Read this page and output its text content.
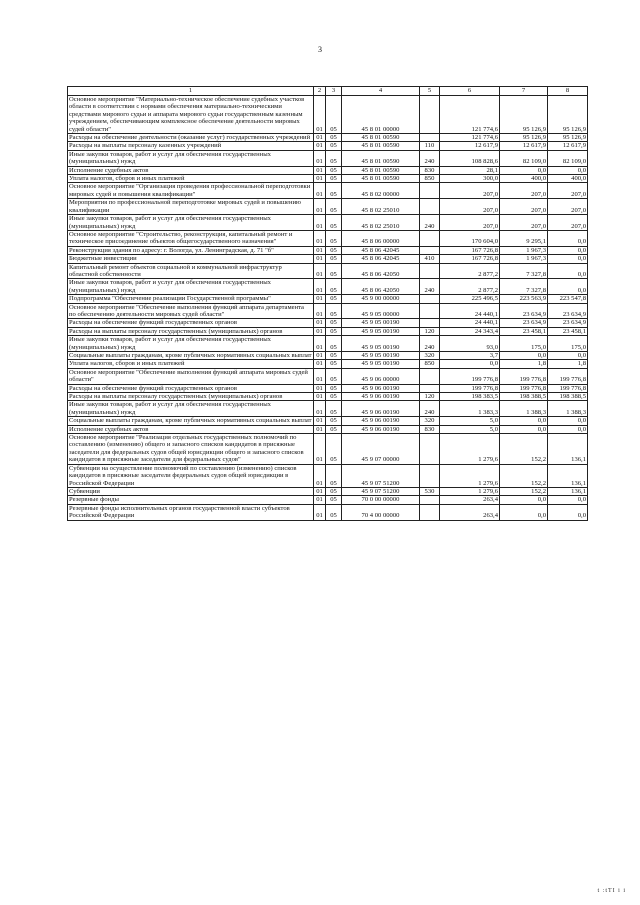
3
1	2	3	4	5	6	7	8
Основное мероприятие "Материально-техническое обеспечение судебных участков области в соответствии с нормами обеспечения материально-техническими средствами мирового судьи и аппарата мирового судьи государственным казенным учреждением, обеспечивающим комплексное обеспечение деятельности мировых судей области"	01	05	45 8 01 00000		121 774,6	95 126,9	95 126,9
Расходы на обеспечение деятельности (оказание услуг) государственных учреждений	01	05	45 8 01 00590		121 774,6	95 126,9	95 126,9
Расходы на выплаты персоналу казенных учреждений	01	05	45 8 01 00590	110	12 617,9	12 617,9	12 617,9
Иные закупки товаров, работ и услуг для обеспечения государственных (муниципальных) нужд	01	05	45 8 01 00590	240	108 828,6	82 109,0	82 109,0
Исполнение судебных актов	01	05	45 8 01 00590	830	28,1	0,0	0,0
Уплата налогов, сборов и иных платежей	01	05	45 8 01 00590	850	300,0	400,0	400,0
Основное мероприятие "Организация проведения профессиональной переподготовки мировых судей и повышения квалификации"	01	05	45 8 02 00000		207,0	207,0	207,0
Мероприятия по профессиональной переподготовке мировых судей и повышению квалификации	01	05	45 8 02 25010		207,0	207,0	207,0
Иные закупки товаров, работ и услуг для обеспечения государственных (муниципальных) нужд	01	05	45 8 02 25010	240	207,0	207,0	207,0
Основное мероприятие "Строительство, реконструкция, капитальный ремонт и техническое присоединение объектов общегосударственного назначения"	01	05	45 8 06 00000		170 604,0	9 295,1	0,0
Реконструкция здания по адресу: г. Вологда, ул. Ленинградская, д. 71 "б"	01	05	45 8 06 42045		167 726,8	1 967,3	0,0
Бюджетные инвестиции	01	05	45 8 06 42045	410	167 726,8	1 967,3	0,0
Капитальный ремонт объектов социальной и коммунальной инфраструктур областной собственности	01	05	45 8 06 42050		2 877,2	7 327,8	0,0
Иные закупки товаров, работ и услуг для обеспечения государственных (муниципальных) нужд	01	05	45 8 06 42050	240	2 877,2	7 327,8	0,0
Подпрограмма "Обеспечение реализации Государственной программы"	01	05	45 9 00 00000		225 496,5	223 563,9	223 547,8
Основное мероприятие "Обеспечение выполнения функций аппарата департамента по обеспечению деятельности мировых судей области"	01	05	45 9 05 00000		24 440,1	23 634,9	23 634,9
Расходы на обеспечение функций государственных органов	01	05	45 9 05 00190		24 440,1	23 634,9	23 634,9
Расходы на выплаты персоналу государственных (муниципальных) органов	01	05	45 9 05 00190	120	24 343,4	23 458,1	23 458,1
Иные закупки товаров, работ и услуг для обеспечения государственных (муниципальных) нужд	01	05	45 9 05 00190	240	93,0	175,0	175,0
Социальные выплаты гражданам, кроме публичных нормативных социальных выплат	01	05	45 9 05 00190	320	3,7	0,0	0,0
Уплата налогов, сборов и иных платежей	01	05	45 9 05 00190	850	0,0	1,8	1,8
Основное мероприятие "Обеспечение выполнения функций аппарата мировых судей области"	01	05	45 9 06 00000		199 776,8	199 776,8	199 776,8
Расходы на обеспечение функций государственных органов	01	05	45 9 06 00190		199 776,8	199 776,8	199 776,8
Расходы на выплаты персоналу государственных (муниципальных) органов	01	05	45 9 06 00190	120	198 383,5	198 388,5	198 388,5
Иные закупки товаров, работ и услуг для обеспечения государственных (муниципальных) нужд	01	05	45 9 06 00190	240	1 383,3	1 388,3	1 388,3
Социальные выплаты гражданам, кроме публичных нормативных социальных выплат	01	05	45 9 06 00190	320	5,0	0,0	0,0
Исполнение судебных актов	01	05	45 9 06 00190	830	5,0	0,0	0,0
Основное мероприятие "Реализация отдельных государственных полномочий по составлению (изменению) общего и запасного списков кандидатов в присяжные заседатели для федеральных судов общей юрисдикции общего и запасного списков кандидатов в присяжные заседатели для федеральных судов"	01	05	45 9 07 00000		1 279,6	152,2	136,1
Субвенции на осуществление полномочий по составлению (изменению) списков кандидатов в присяжные заседатели федеральных судов общей юрисдикции в Российской Федерации	01	05	45 9 07 51200		1 279,6	152,2	136,1
Субвенции	01	05	45 9 07 51200	530	1 279,6	152,2	136,1
Резервные фонды	01	05	70 0 00 00000		263,4	0,0	0,0
Резервные фонды исполнительных органов государственной власти субъектов Российской Федерации	01	05	70 4 00 00000		263,4	0,0	0,0
t :tTI i i
